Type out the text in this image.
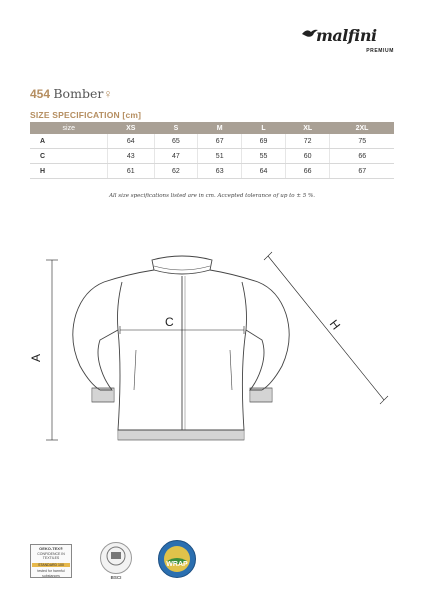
malfini
PREMIUM
454 Bomber♀
SIZE SPECIFICATION [cm]
size	XS	S	M	L	XL	2XL
A	64	65	67	69	72	75
C	43	47	51	55	60	66
H	61	62	63	64	66	67
All size specifications listed are in cm. Accepted tolerance of up to ± 5 %.
A
C	H
OEKO-TEX®
CONFIDENCE IN TEXTILES
STANDARD 100
tested for harmful substances	BSCI
WRAP
